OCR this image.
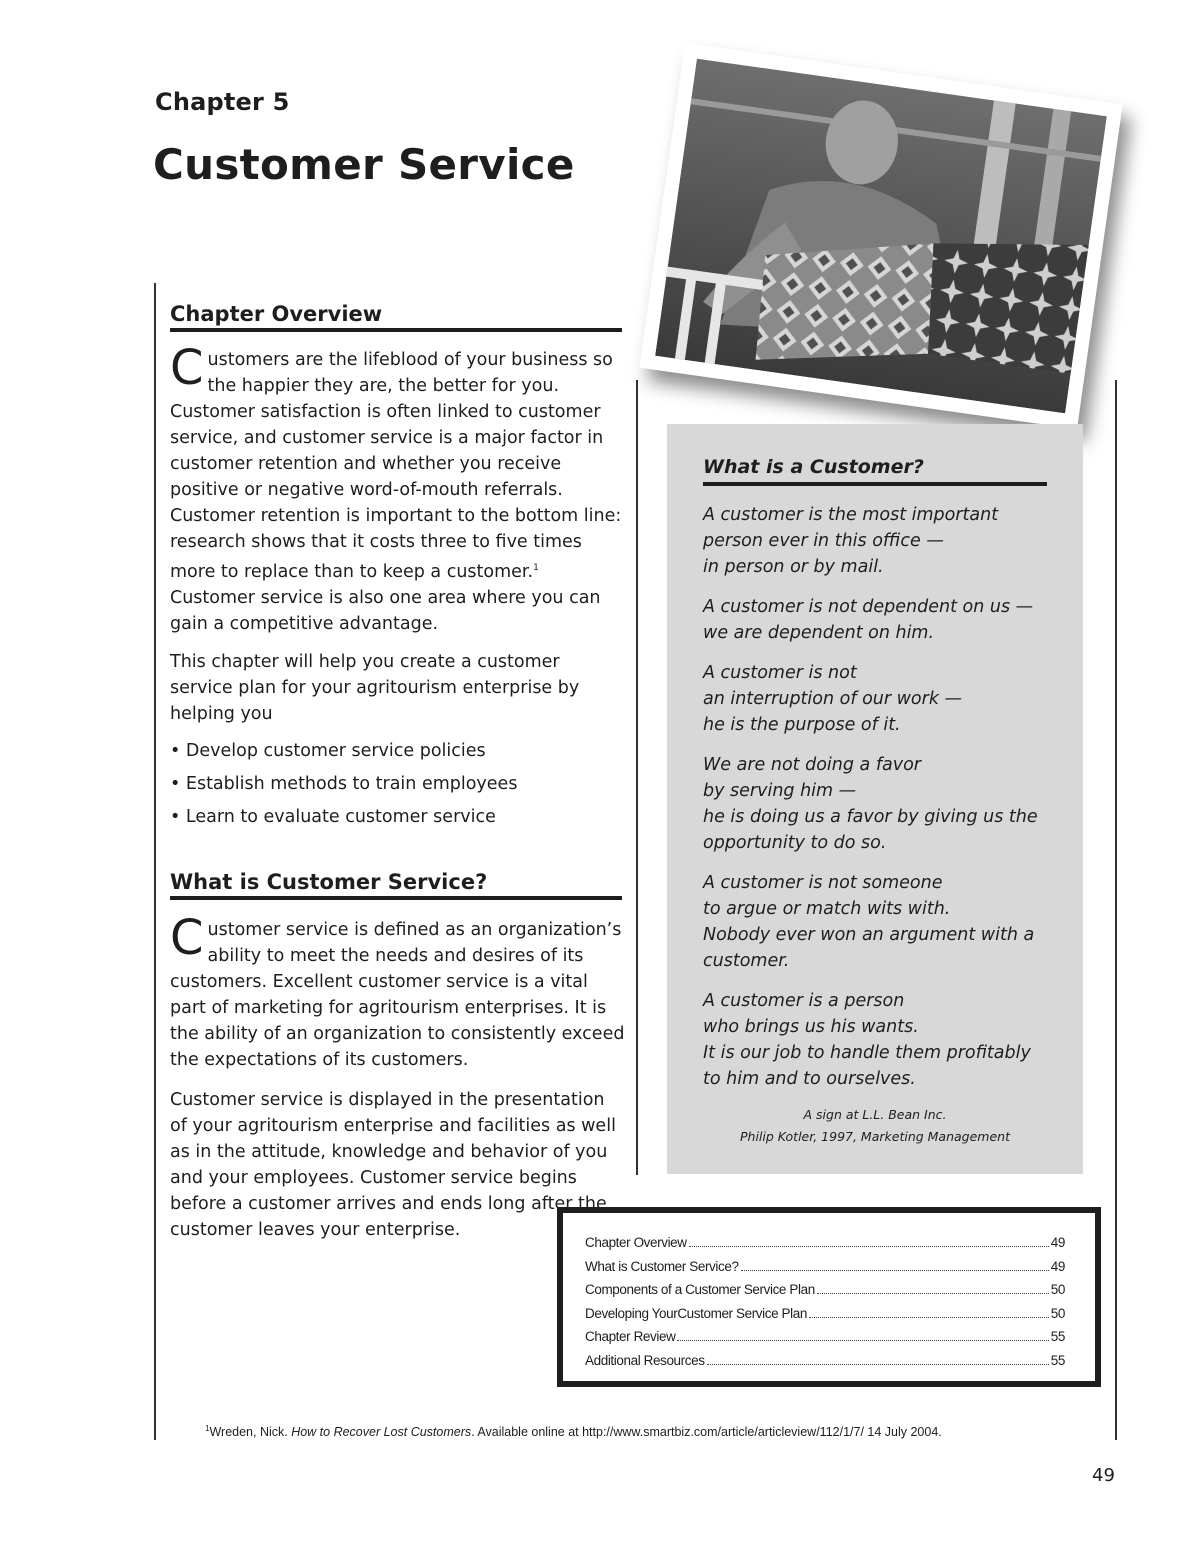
Chapter 5
Customer Service
Chapter Overview

Customers are the lifeblood of your business so the happier they are, the better for you. Customer satisfaction is often linked to customer service, and customer service is a major factor in customer retention and whether you receive positive or negative word-of-mouth referrals. Customer retention is important to the bottom line: research shows that it costs three to five times more to replace than to keep a customer.$^1$ Customer service is also one area where you can gain a competitive advantage.

This chapter will help you create a customer service plan for your agritourism enterprise by helping you

• Develop customer service policies
• Establish methods to train employees
• Learn to evaluate customer service
What is Customer Service?

Customer service is defined as an organization’s ability to meet the needs and desires of its customers. Excellent customer service is a vital part of marketing for agritourism enterprises. It is the ability of an organization to consistently exceed the expectations of its customers.

Customer service is displayed in the presentation of your agritourism enterprise and facilities as well as in the attitude, knowledge and behavior of you and your employees. Customer service begins before a customer arrives and ends long after the customer leaves your enterprise.

What is a Customer?
A customer is the most important
person ever in this office —
in person or by mail.
A customer is not dependent on us —
we are dependent on him.
A customer is not
an interruption of our work —
he is the purpose of it.
We are not doing a favor
by serving him —
he is doing us a favor by giving us the
opportunity to do so.
A customer is not someone
to argue or match wits with.
Nobody ever won an argument with a
customer.
A customer is a person
who brings us his wants.
It is our job to handle them profitably
to him and to ourselves.
A sign at L.L. Bean Inc.
Philip Kotler, 1997, Marketing Management
Chapter Overview	49
What is Customer Service?	49
Components of a Customer Service Plan	50
Developing YourCustomer Service Plan	50
Chapter Review	55
Additional Resources	55
$^1$Wreden, Nick. How to Recover Lost Customers. Available online at http://www.smartbiz.com/article/articleview/112/1/7/ 14 July 2004.
49
